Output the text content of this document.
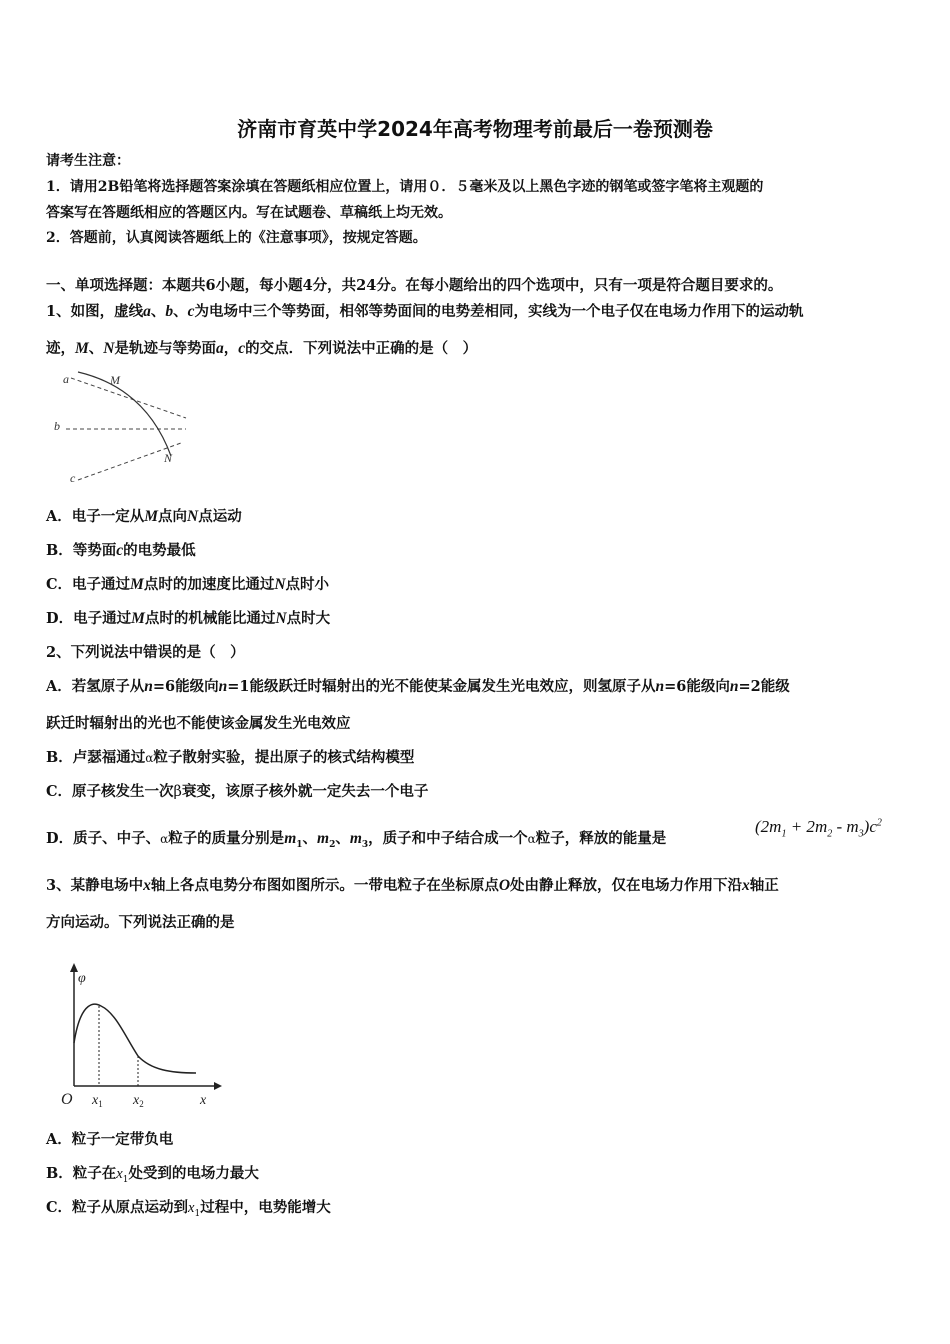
济南市育英中学2024年高考物理考前最后一卷预测卷
请考生注意：
1．请用2B铅笔将选择题答案涂填在答题纸相应位置上，请用０．５毫米及以上黑色字迹的钢笔或签字笔将主观题的
答案写在答题纸相应的答题区内。写在试题卷、草稿纸上均无效。
2．答题前，认真阅读答题纸上的《注意事项》，按规定答题。
一、单项选择题：本题共6小题，每小题4分，共24分。在每小题给出的四个选项中，只有一项是符合题目要求的。
1、如图，虚线a、b、c为电场中三个等势面，相邻等势面间的电势差相同，实线为一个电子仅在电场力作用下的运动轨
迹，M、N是轨迹与等势面a，c的交点．下列说法中正确的是（　）
a
b
c
M
N
A．电子一定从M点向N点运动
B．等势面c的电势最低
C．电子通过M点时的加速度比通过N点时小
D．电子通过M点时的机械能比通过N点时大
2、下列说法中错误的是（　）
A．若氢原子从n=6能级向n=1能级跃迁时辐射出的光不能使某金属发生光电效应，则氢原子从n=6能级向n=2能级
跃迁时辐射出的光也不能使该金属发生光电效应
B．卢瑟福通过α粒子散射实验，提出原子的核式结构模型
C．原子核发生一次β衰变，该原子核外就一定失去一个电子
D．质子、中子、α粒子的质量分别是$m_1$、$m_2$、$m_3$，质子和中子结合成一个α粒子，释放的能量是
$(2m_1 + 2m_2 - m_3)c^2$
3、某静电场中x轴上各点电势分布图如图所示。一带电粒子在坐标原点O处由静止释放，仅在电场力作用下沿x轴正
方向运动。下列说法正确的是
φ
O $x_1$ $x_2$	x
A．粒子一定带负电
B．粒子在$x_1$处受到的电场力最大
C．粒子从原点运动到$x_1$过程中，电势能增大
